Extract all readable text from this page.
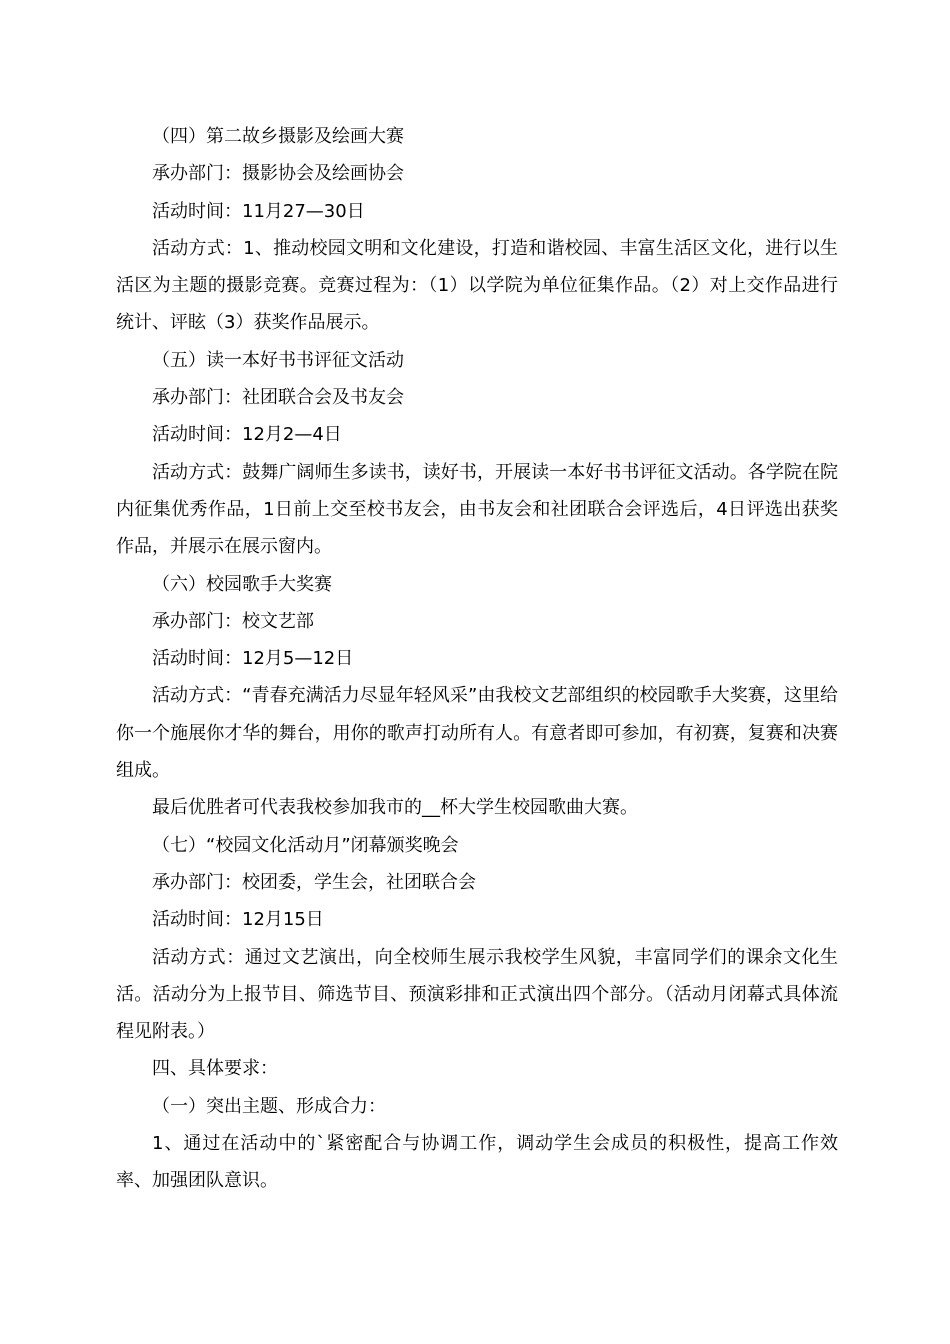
（四）第二故乡摄影及绘画大赛

承办部门：摄影协会及绘画协会

活动时间：11月27—30日

活动方式：1、推动校园文明和文化建设，打造和谐校园、丰富生活区文化，进行以生活区为主题的摄影竞赛。竞赛过程为：（1）以学院为单位征集作品。（2）对上交作品进行统计、评眩（3）获奖作品展示。

（五）读一本好书书评征文活动

承办部门：社团联合会及书友会

活动时间：12月2—4日

活动方式：鼓舞广阔师生多读书，读好书，开展读一本好书书评征文活动。各学院在院内征集优秀作品，1日前上交至校书友会，由书友会和社团联合会评选后，4日评选出获奖作品，并展示在展示窗内。

（六）校园歌手大奖赛

承办部门：校文艺部

活动时间：12月5—12日

活动方式：“青春充满活力尽显年轻风采”由我校文艺部组织的校园歌手大奖赛，这里给你一个施展你才华的舞台，用你的歌声打动所有人。有意者即可参加，有初赛，复赛和决赛组成。

最后优胜者可代表我校参加我市的__杯大学生校园歌曲大赛。

（七）“校园文化活动月”闭幕颁奖晚会

承办部门：校团委，学生会，社团联合会

活动时间：12月15日

活动方式：通过文艺演出，向全校师生展示我校学生风貌，丰富同学们的课余文化生活。活动分为上报节目、筛选节目、预演彩排和正式演出四个部分。（活动月闭幕式具体流程见附表。）

四、具体要求：

（一）突出主题、形成合力：

1、通过在活动中的`紧密配合与协调工作，调动学生会成员的积极性，提高工作效率、加强团队意识。
